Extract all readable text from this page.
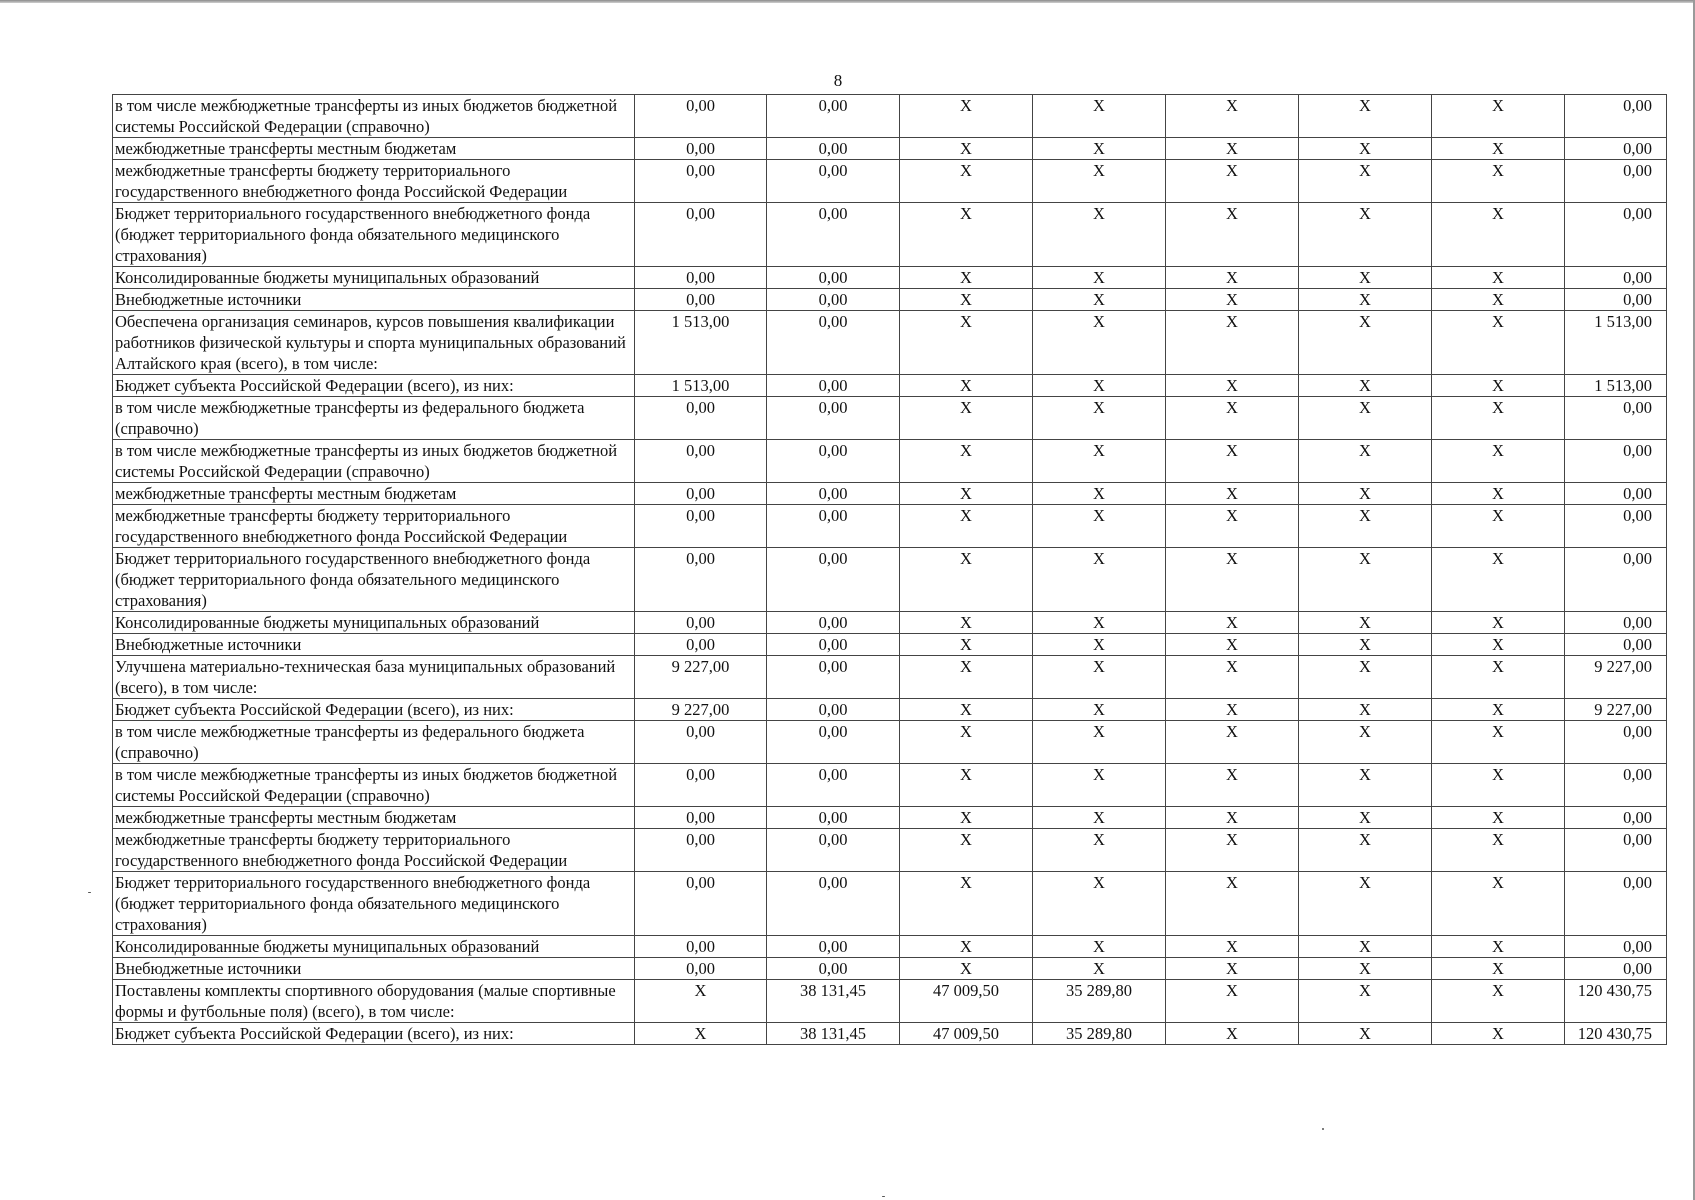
8
в том числе межбюджетные трансферты из иных бюджетов бюджетной системы Российской Федерации (справочно)	0,00	0,00	X	X	X	X	X	0,00
межбюджетные трансферты местным бюджетам	0,00	0,00	X	X	X	X	X	0,00
межбюджетные трансферты бюджету территориального государственного внебюджетного фонда Российской Федерации	0,00	0,00	X	X	X	X	X	0,00
Бюджет территориального государственного внебюджетного фонда (бюджет территориального фонда обязательного медицинского страхования)	0,00	0,00	X	X	X	X	X	0,00
Консолидированные бюджеты муниципальных образований	0,00	0,00	X	X	X	X	X	0,00
Внебюджетные источники	0,00	0,00	X	X	X	X	X	0,00
Обеспечена организация семинаров, курсов повышения квалификации работников физической культуры и спорта муниципальных образований Алтайского края (всего), в том числе:	1 513,00	0,00	X	X	X	X	X	1 513,00
Бюджет субъекта Российской Федерации (всего), из них:	1 513,00	0,00	X	X	X	X	X	1 513,00
в том числе межбюджетные трансферты из федерального бюджета (справочно)	0,00	0,00	X	X	X	X	X	0,00
в том числе межбюджетные трансферты из иных бюджетов бюджетной системы Российской Федерации (справочно)	0,00	0,00	X	X	X	X	X	0,00
межбюджетные трансферты местным бюджетам	0,00	0,00	X	X	X	X	X	0,00
межбюджетные трансферты бюджету территориального государственного внебюджетного фонда Российской Федерации	0,00	0,00	X	X	X	X	X	0,00
Бюджет территориального государственного внебюджетного фонда (бюджет территориального фонда обязательного медицинского страхования)	0,00	0,00	X	X	X	X	X	0,00
Консолидированные бюджеты муниципальных образований	0,00	0,00	X	X	X	X	X	0,00
Внебюджетные источники	0,00	0,00	X	X	X	X	X	0,00
Улучшена материально-техническая база муниципальных образований (всего), в том числе:	9 227,00	0,00	X	X	X	X	X	9 227,00
Бюджет субъекта Российской Федерации (всего), из них:	9 227,00	0,00	X	X	X	X	X	9 227,00
в том числе межбюджетные трансферты из федерального бюджета (справочно)	0,00	0,00	X	X	X	X	X	0,00
в том числе межбюджетные трансферты из иных бюджетов бюджетной системы Российской Федерации (справочно)	0,00	0,00	X	X	X	X	X	0,00
межбюджетные трансферты местным бюджетам	0,00	0,00	X	X	X	X	X	0,00
межбюджетные трансферты бюджету территориального государственного внебюджетного фонда Российской Федерации	0,00	0,00	X	X	X	X	X	0,00
Бюджет территориального государственного внебюджетного фонда (бюджет территориального фонда обязательного медицинского страхования)	0,00	0,00	X	X	X	X	X	0,00
Консолидированные бюджеты муниципальных образований	0,00	0,00	X	X	X	X	X	0,00
Внебюджетные источники	0,00	0,00	X	X	X	X	X	0,00
Поставлены комплекты спортивного оборудования (малые спортивные формы и футбольные поля) (всего), в том числе:	X	38 131,45	47 009,50	35 289,80	X	X	X	120 430,75
Бюджет субъекта Российской Федерации (всего), из них:	X	38 131,45	47 009,50	35 289,80	X	X	X	120 430,75
